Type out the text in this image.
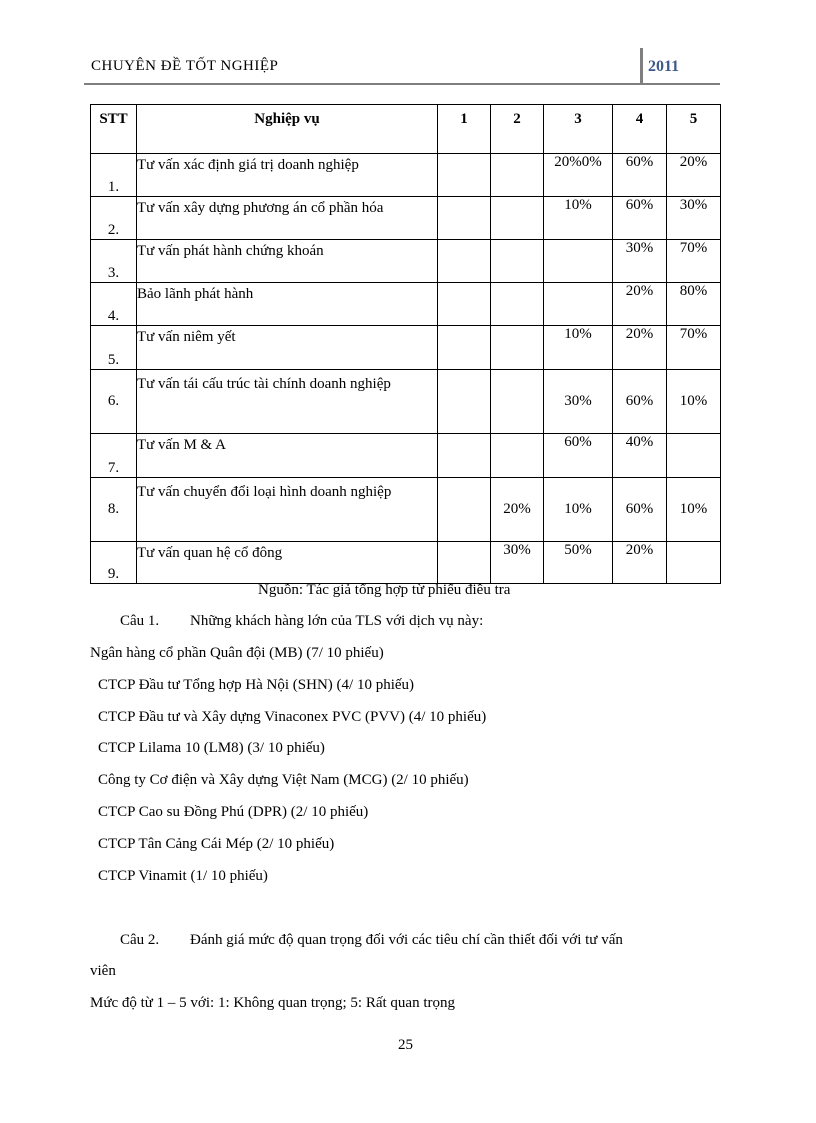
CHUYÊN ĐỀ TỐT NGHIỆP	2011
STT	Nghiệp vụ	1	2	3	4	5
1.	Tư vấn xác định giá trị doanh nghiệp			20%0%	60%	20%
2.	Tư vấn xây dựng phương án cổ phần hóa			10%	60%	30%
3.	Tư vấn phát hành chứng khoán				30%	70%
4.	Bảo lãnh phát hành				20%	80%
5.	Tư vấn niêm yết			10%	20%	70%
6.	Tư vấn tái cấu trúc tài chính doanh nghiệp			30%	60%	10%
7.	Tư vấn M & A			60%	40%	
8.	Tư vấn chuyển đổi loại hình doanh nghiệp		20%	10%	60%	10%
9.	Tư vấn quan hệ cổ đông		30%	50%	20%	
Nguồn: Tác giả tổng hợp từ phiếu điều tra
Câu 1. Những khách hàng lớn của TLS với dịch vụ này:
Ngân hàng cổ phần Quân đội (MB) (7/ 10 phiếu)
CTCP Đầu tư Tổng hợp Hà Nội (SHN) (4/ 10 phiếu)
CTCP Đầu tư và Xây dựng Vinaconex PVC (PVV) (4/ 10 phiếu)
CTCP Lilama 10 (LM8) (3/ 10 phiếu)
Công ty Cơ điện và Xây dựng Việt Nam (MCG) (2/ 10 phiếu)
CTCP Cao su Đồng Phú (DPR) (2/ 10 phiếu)
CTCP Tân Cảng Cái Mép (2/ 10 phiếu)
CTCP Vinamit (1/ 10 phiếu)
Câu 2. Đánh giá mức độ quan trọng đối với các tiêu chí cần thiết đối với tư vấn
viên
Mức độ từ 1 – 5 với: 1: Không quan trọng; 5: Rất quan trọng
25
